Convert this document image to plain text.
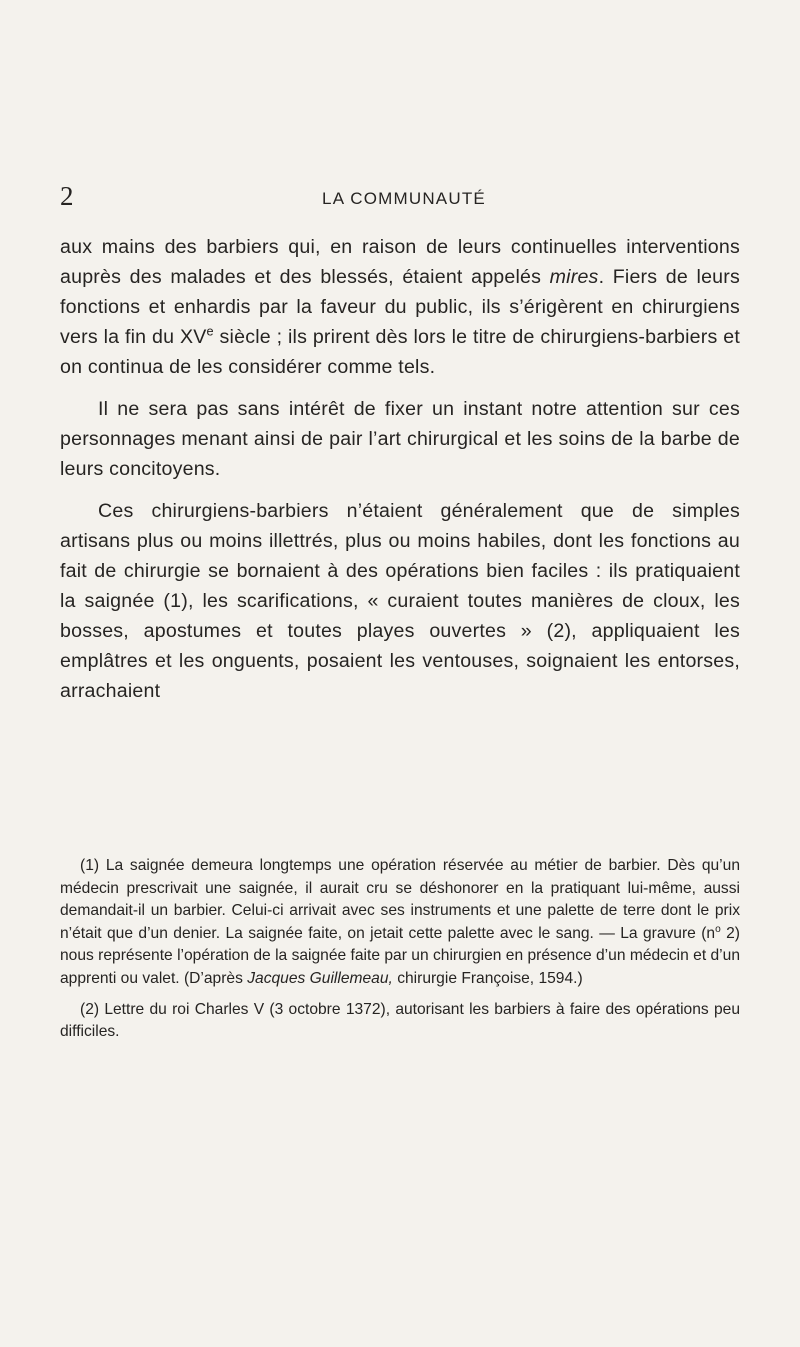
2	LA COMMUNAUTÉ

aux mains des barbiers qui, en raison de leurs continuelles interventions auprès des malades et des blessés, étaient appelés mires. Fiers de leurs fonctions et enhardis par la faveur du public, ils s’érigèrent en chirurgiens vers la fin du XVe siècle ; ils prirent dès lors le titre de chirurgiens-barbiers et on continua de les considérer comme tels.

Il ne sera pas sans intérêt de fixer un instant notre attention sur ces personnages menant ainsi de pair l’art chirurgical et les soins de la barbe de leurs concitoyens.

Ces chirurgiens-barbiers n’étaient généralement que de simples artisans plus ou moins illettrés, plus ou moins habiles, dont les fonctions au fait de chirurgie se bornaient à des opérations bien faciles : ils pratiquaient la saignée (1), les scarifications, « curaient toutes manières de cloux, les bosses, apostumes et toutes playes ouvertes » (2), appliquaient les emplâtres et les onguents, posaient les ventouses, soignaient les entorses, arrachaient

(1) La saignée demeura longtemps une opération réservée au métier de barbier. Dès qu’un médecin prescrivait une saignée, il aurait cru se déshonorer en la pratiquant lui-même, aussi demandait-il un barbier. Celui-ci arrivait avec ses instruments et une palette de terre dont le prix n’était que d’un denier. La saignée faite, on jetait cette palette avec le sang. — La gravure ($n^o$ 2) nous représente l’opération de la saignée faite par un chirurgien en présence d’un médecin et d’un apprenti ou valet. (D’après Jacques Guillemeau, chirurgie Françoise, 1594.)

(2) Lettre du roi Charles V (3 octobre 1372), autorisant les barbiers à faire des opérations peu difficiles.
